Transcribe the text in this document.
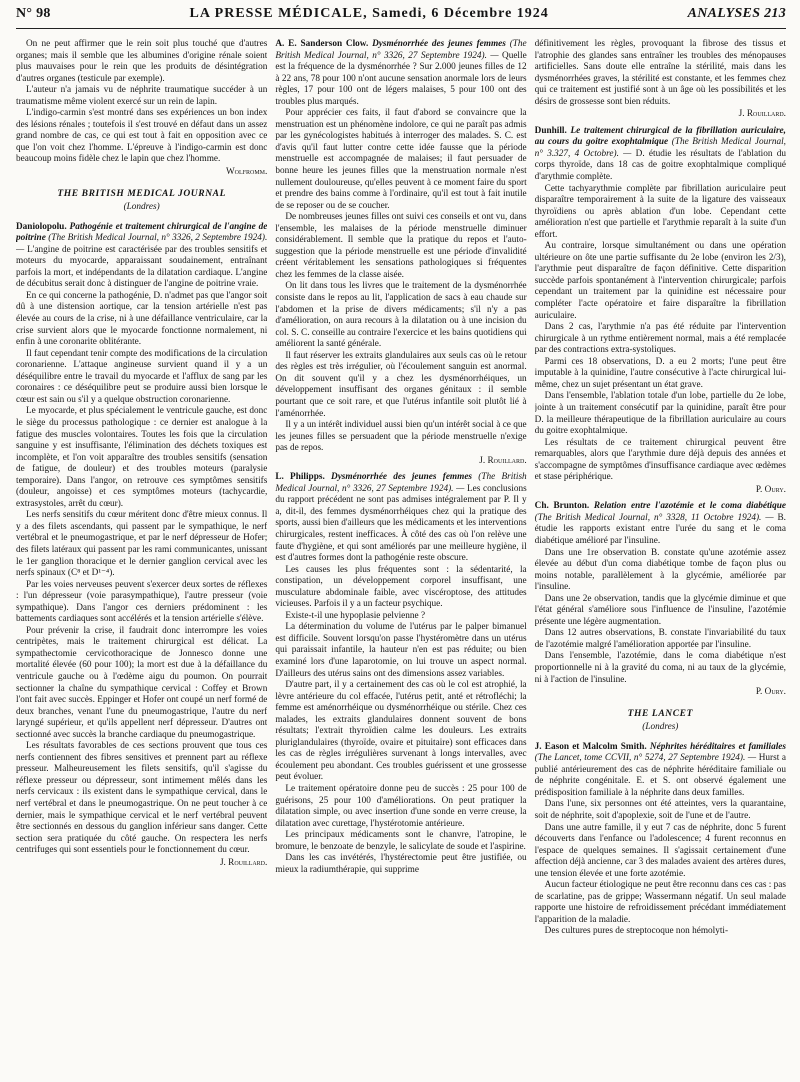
N° 98	LA PRESSE MÉDICALE, Samedi, 6 Décembre 1924	ANALYSES 213

On ne peut affirmer que le rein soit plus touché que d'autres organes; mais il semble que les albumines d'origine rénale soient plus mauvaises pour le rein que les produits de désintégration d'autres organes (testicule par exemple).

L'auteur n'a jamais vu de néphrite traumatique succéder à un traumatisme même violent exercé sur un rein de lapin.

L'indigo-carmin s'est montré dans ses expériences un bon index des lésions rénales ; toutefois il s'est trouvé en défaut dans un assez grand nombre de cas, ce qui est tout à fait en opposition avec ce que l'on voit chez l'homme. L'épreuve à l'indigo-carmin est donc beaucoup moins fidèle chez le lapin que chez l'homme.

Wolfromm.
THE BRITISH MEDICAL JOURNAL
(Londres)

Daniolopolu. Pathogénie et traitement chirurgical de l'angine de poitrine (The British Medical Journal, n° 3326, 2 Septembre 1924). — L'angine de poitrine est caractérisée par des troubles sensitifs et moteurs du myocarde, apparaissant soudainement, entraînant parfois la mort, et indépendants de la dilatation cardiaque. L'angine de décubitus serait donc à distinguer de l'angine de poitrine vraie.

En ce qui concerne la pathogénie, D. n'admet pas que l'angor soit dû à une distension aortique, car la tension artérielle n'est pas élevée au cours de la crise, ni à une défaillance ventriculaire, car la crise survient alors que le myocarde fonctionne normalement, ni enfin à une coronarite oblitérante.

Il faut cependant tenir compte des modifications de la circulation coronarienne. L'attaque angineuse survient quand il y a un déséquilibre entre le travail du myocarde et l'afflux de sang par les coronaires : ce déséquilibre peut se produire aussi bien lorsque le cœur est sain ou s'il y a quelque obstruction coronarienne.

Le myocarde, et plus spécialement le ventricule gauche, est donc le siège du processus pathologique : ce dernier est analogue à la fatigue des muscles volontaires. Toutes les fois que la circulation sanguine y est insuffisante, l'élimination des déchets toxiques est incomplète, et l'on voit apparaître des troubles sensitifs (sensation de fatigue, de douleur) et des troubles moteurs (paralysie temporaire). Dans l'angor, on retrouve ces symptômes sensitifs (douleur, angoisse) et ces symptômes moteurs (tachycardie, extrasystoles, arrêt du cœur).

Les nerfs sensitifs du cœur méritent donc d'être mieux connus. Il y a des filets ascendants, qui passent par le sympathique, le nerf vertébral et le pneumogastrique, et par le nerf dépresseur de Hofer; des filets latéraux qui passent par les rami communicantes, unissant le 1er ganglion thoracique et le dernier ganglion cervical avec les nerfs spinaux (C⁸ et D¹⁻⁴).

Par les voies nerveuses peuvent s'exercer deux sortes de réflexes : l'un dépresseur (voie parasympathique), l'autre presseur (voie sympathique). Dans l'angor ces derniers prédominent : les battements cardiaques sont accélérés et la tension artérielle s'élève.

Pour prévenir la crise, il faudrait donc interrompre les voies centripètes, mais le traitement chirurgical est délicat. La sympathectomie cervicothoracique de Jonnesco donne une mortalité élevée (60 pour 100); la mort est due à la défaillance du ventricule gauche ou à l'œdème aigu du poumon. On pourrait sectionner la chaîne du sympathique cervical : Coffey et Brown l'ont fait avec succès. Eppinger et Hofer ont coupé un nerf formé de deux branches, venant l'une du pneumogastrique, l'autre du nerf laryngé supérieur, et qu'ils appellent nerf dépresseur. D'autres ont sectionné avec succès la branche cardiaque du pneumogastrique.

Les résultats favorables de ces sections prouvent que tous ces nerfs contiennent des fibres sensitives et prennent part au réflexe presseur. Malheureusement les filets sensitifs, qu'il s'agisse du réflexe presseur ou dépresseur, sont intimement mêlés dans les nerfs cervicaux : ils existent dans le sympathique cervical, dans le nerf vertébral et dans le pneumogastrique. On ne peut toucher à ce dernier, mais le sympathique cervical et le nerf vertébral peuvent être sectionnés en dessous du ganglion inférieur sans danger. Cette section sera pratiquée du côté gauche. On respectera les nerfs centrifuges qui sont essentiels pour le fonctionnement du cœur.

J. Rouillard.

A. E. Sanderson Clow. Dysménorrhée des jeunes femmes (The British Medical Journal, n° 3326, 27 Septembre 1924). — Quelle est la fréquence de la dysménorrhée ? Sur 2.000 jeunes filles de 12 à 22 ans, 78 pour 100 n'ont aucune sensation anormale lors de leurs règles, 17 pour 100 ont de légers malaises, 5 pour 100 ont des troubles plus marqués.

Pour apprécier ces faits, il faut d'abord se convaincre que la menstruation est un phénomène indolore, ce qui ne paraît pas admis par les gynécologistes habitués à interroger des malades. S. C. est d'avis qu'il faut lutter contre cette idée fausse que la période menstruelle est accompagnée de malaises; il faut persuader de bonne heure les jeunes filles que la menstruation normale n'est nullement douloureuse, qu'elles peuvent à ce moment faire du sport et prendre des bains comme à l'ordinaire, qu'il est tout à fait inutile de se reposer ou de se coucher.

De nombreuses jeunes filles ont suivi ces conseils et ont vu, dans l'ensemble, les malaises de la période menstruelle diminuer considérablement. Il semble que la pratique du repos et l'auto-suggestion que la période menstruelle est une période d'invalidité créent véritablement les sensations pathologiques si fréquentes chez les femmes de la classe aisée.

On lit dans tous les livres que le traitement de la dysménorrhée consiste dans le repos au lit, l'application de sacs à eau chaude sur l'abdomen et la prise de divers médicaments; s'il n'y a pas d'amélioration, on aura recours à la dilatation ou à une incision du col. S. C. conseille au contraire l'exercice et les bains quotidiens qui améliorent la santé générale.

Il faut réserver les extraits glandulaires aux seuls cas où le retour des règles est très irrégulier, où l'écoulement sanguin est anormal. On dit souvent qu'il y a chez les dysménorrhéiques, un développement insuffisant des organes génitaux : il semble pourtant que ce soit rare, et que l'utérus infantile soit plutôt lié à l'aménorrhée.

Il y a un intérêt individuel aussi bien qu'un intérêt social à ce que les jeunes filles se persuadent que la période menstruelle n'exige pas de repos.

J. Rouillard.

L. Philipps. Dysménorrhée des jeunes femmes (The British Medical Journal, n° 3326, 27 Septembre 1924). — Les conclusions du rapport précédent ne sont pas admises intégralement par P. Il y a, dit-il, des femmes dysménorrhéiques chez qui la pratique des sports, aussi bien d'ailleurs que les médicaments et les interventions chirurgicales, restent inefficaces. À côté des cas où l'on relève une faute d'hygiène, et qui sont améliorés par une meilleure hygiène, il est d'autres formes dont la pathogénie reste obscure.

Les causes les plus fréquentes sont : la sédentarité, la constipation, un développement corporel insuffisant, une musculature abdominale faible, avec viscéroptose, des attitudes vicieuses. Parfois il y a un facteur psychique.

Existe-t-il une hypoplasie pelvienne ?

La détermination du volume de l'utérus par le palper bimanuel est difficile. Souvent lorsqu'on passe l'hystéromètre dans un utérus qui paraissait infantile, la hauteur n'en est pas réduite; ou bien examiné lors d'une laparotomie, on lui trouve un aspect normal. D'ailleurs des utérus sains ont des dimensions assez variables.

D'autre part, il y a certainement des cas où le col est atrophié, la lèvre antérieure du col effacée, l'utérus petit, anté et rétrofléchi; la femme est aménorrhéique ou dysménorrhéique ou stérile. Chez ces malades, les extraits glandulaires donnent souvent de bons résultats; l'extrait thyroïdien calme les douleurs. Les extraits pluriglandulaires (thyroïde, ovaire et pituitaire) sont efficaces dans les cas de règles irrégulières survenant à longs intervalles, avec écoulement peu abondant. Ces troubles guérissent et une grossesse peut évoluer.

Le traitement opératoire donne peu de succès : 25 pour 100 de guérisons, 25 pour 100 d'améliorations. On peut pratiquer la dilatation simple, ou avec insertion d'une sonde en verre creuse, la dilatation avec curettage, l'hystérotomie antérieure.

Les principaux médicaments sont le chanvre, l'atropine, le bromure, le benzoate de benzyle, le salicylate de soude et l'aspirine.

Dans les cas invétérés, l'hystérectomie peut être justifiée, ou mieux la radiumthérapie, qui supprime

définitivement les règles, provoquant la fibrose des tissus et l'atrophie des glandes sans entraîner les troubles des ménopauses artificielles. Sans doute elle entraîne la stérilité, mais dans les dysménorrhées graves, la stérilité est constante, et les femmes chez qui ce traitement est justifié sont à un âge où les possibilités et les désirs de grossesse sont bien réduits.

J. Rouillard.

Dunhill. Le traitement chirurgical de la fibrillation auriculaire, au cours du goitre exophtalmique (The British Medical Journal, n° 3.327, 4 Octobre). — D. étudie les résultats de l'ablation du corps thyroïde, dans 18 cas de goitre exophtalmique compliqué d'arythmie complète.

Cette tachyarythmie complète par fibrillation auriculaire peut disparaître temporairement à la suite de la ligature des vaisseaux thyroïdiens ou après ablation d'un lobe. Cependant cette amélioration n'est que partielle et l'arythmie reparaît à la suite d'un effort.

Au contraire, lorsque simultanément ou dans une opération ultérieure on ôte une partie suffisante du 2e lobe (environ les 2/3), l'arythmie peut disparaître de façon définitive. Cette disparition succède parfois spontanément à l'intervention chirurgicale; parfois cependant un traitement par la quinidine est nécessaire pour compléter l'acte opératoire et faire disparaître la fibrillation auriculaire.

Dans 2 cas, l'arythmie n'a pas été réduite par l'intervention chirurgicale à un rythme entièrement normal, mais a été remplacée par des contractions extra-systoliques.

Parmi ces 18 observations, D. a eu 2 morts; l'une peut être imputable à la quinidine, l'autre consécutive à l'acte chirurgical lui-même, chez un sujet présentant un état grave.

Dans l'ensemble, l'ablation totale d'un lobe, partielle du 2e lobe, jointe à un traitement consécutif par la quinidine, paraît être pour D. la meilleure thérapeutique de la fibrillation auriculaire au cours du goitre exophtalmique.

Les résultats de ce traitement chirurgical peuvent être remarquables, alors que l'arythmie dure déjà depuis des années et s'accompagne de symptômes d'insuffisance cardiaque avec œdèmes et stase périphérique.

P. Oury.

Ch. Brunton. Relation entre l'azotémie et le coma diabétique (The British Medical Journal, n° 3328, 11 Octobre 1924). — B. étudie les rapports existant entre l'urée du sang et le coma diabétique amélioré par l'insuline.

Dans une 1re observation B. constate qu'une azotémie assez élevée au début d'un coma diabétique tombe de façon plus ou moins notable, parallèlement à la glycémie, améliorée par l'insuline.

Dans une 2e observation, tandis que la glycémie diminue et que l'état général s'améliore sous l'influence de l'insuline, l'azotémie présente une légère augmentation.

Dans 12 autres observations, B. constate l'invariabilité du taux de l'azotémie malgré l'amélioration apportée par l'insuline.

Dans l'ensemble, l'azotémie, dans le coma diabétique n'est proportionnelle ni à la gravité du coma, ni au taux de la glycémie, ni à l'action de l'insuline.

P. Oury.
THE LANCET
(Londres)

J. Eason et Malcolm Smith. Néphrites héréditaires et familiales (The Lancet, tome CCVII, n° 5274, 27 Septembre 1924). — Hurst a publié antérieurement des cas de néphrite héréditaire familiale ou de néphrite congénitale. E. et S. ont observé également une prédisposition familiale à la néphrite dans deux familles.

Dans l'une, six personnes ont été atteintes, vers la quarantaine, soit de néphrite, soit d'apoplexie, soit de l'une et de l'autre.

Dans une autre famille, il y eut 7 cas de néphrite, donc 5 furent découverts dans l'enfance ou l'adolescence; 4 furent reconnus en l'espace de quelques semaines. Il s'agissait certainement d'une affection déjà ancienne, car 3 des malades avaient des artères dures, une tension élevée et une forte azotémie.

Aucun facteur étiologique ne peut être reconnu dans ces cas : pas de scarlatine, pas de grippe; Wassermann négatif. Un seul malade rapporte une histoire de refroidissement précédant immédiatement l'apparition de la maladie.

Des cultures pures de streptocoque non hémolyti-
